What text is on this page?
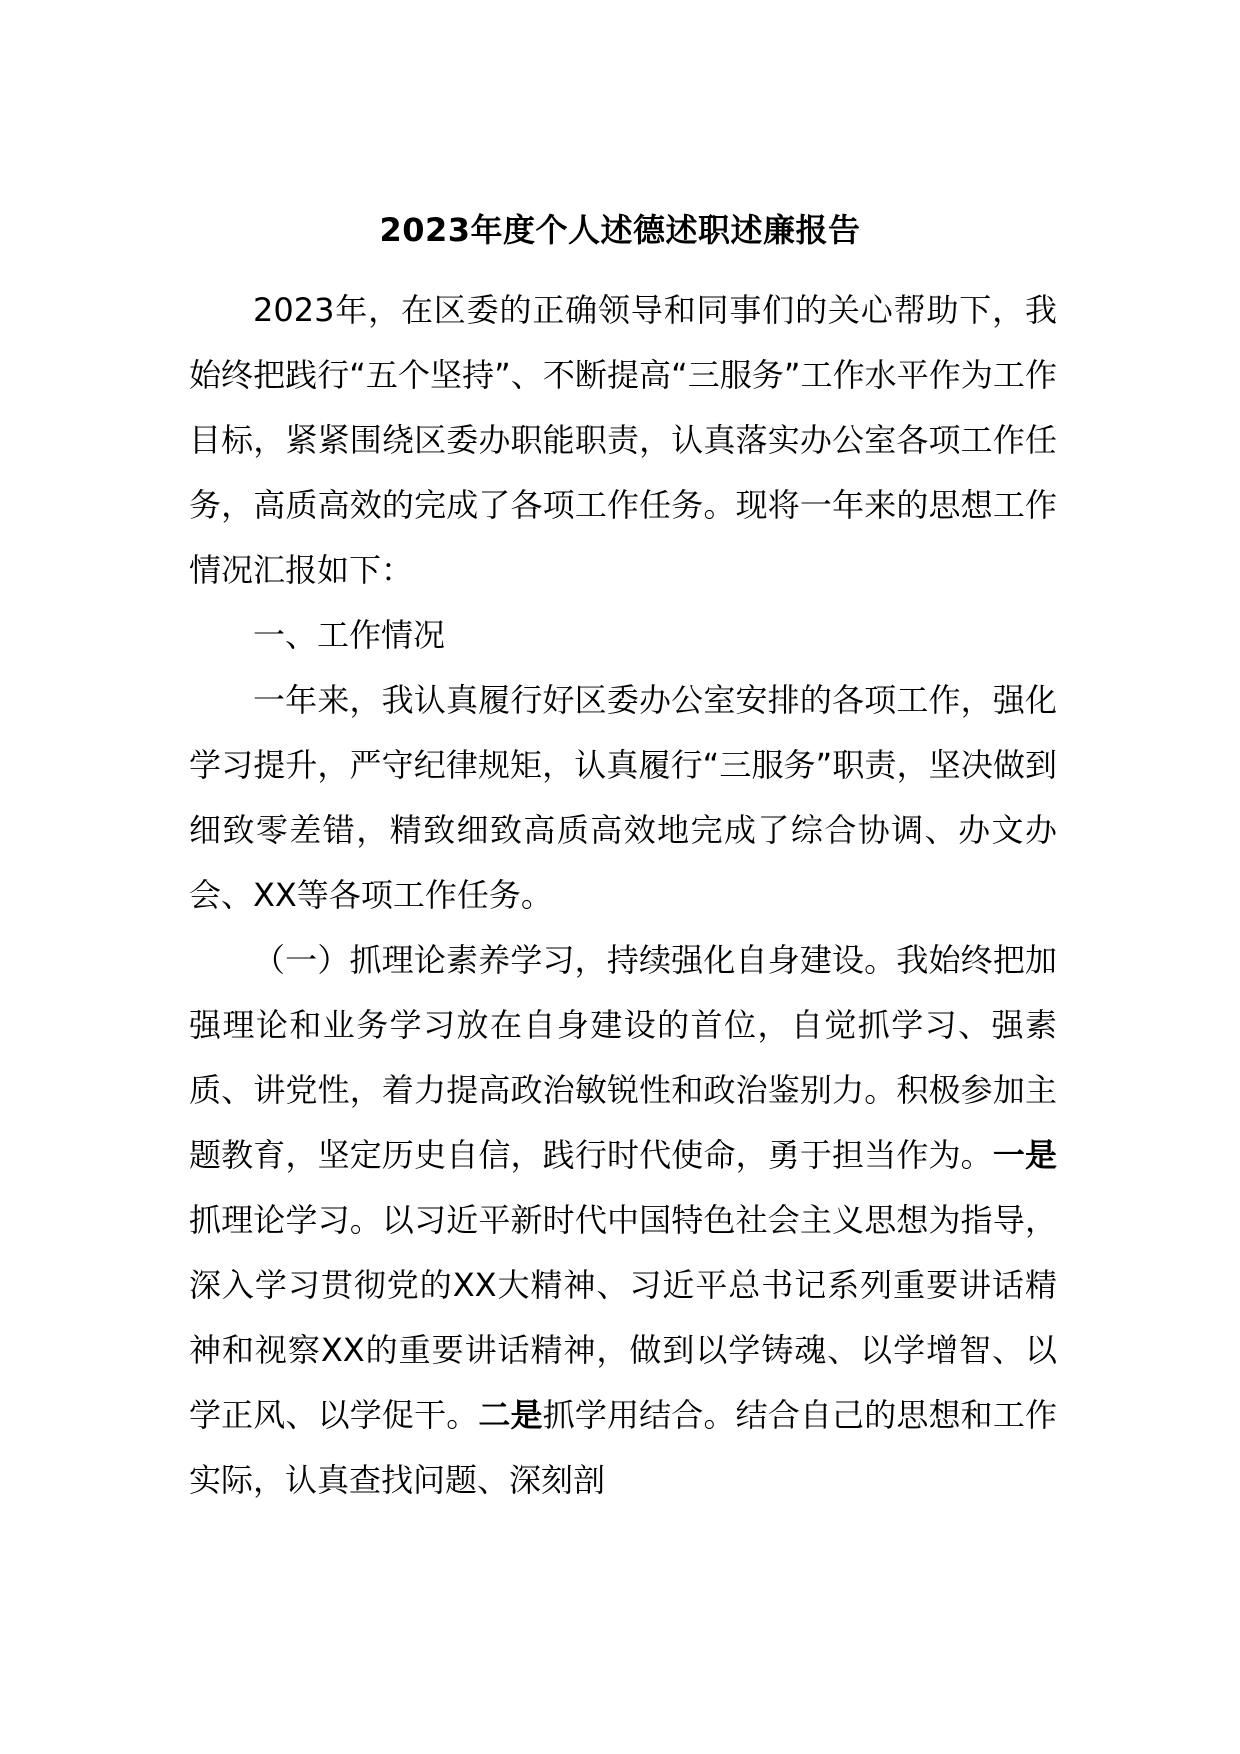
2023年度个人述德述职述廉报告

2023年，在区委的正确领导和同事们的关心帮助下，我始终把践行“五个坚持”、不断提高“三服务”工作水平作为工作目标，紧紧围绕区委办职能职责，认真落实办公室各项工作任务，高质高效的完成了各项工作任务。现将一年来的思想工作情况汇报如下：

一、工作情况

一年来，我认真履行好区委办公室安排的各项工作，强化学习提升，严守纪律规矩，认真履行“三服务”职责，坚决做到细致零差错，精致细致高质高效地完成了综合协调、办文办会、XX等各项工作任务。

（一）抓理论素养学习，持续强化自身建设。我始终把加强理论和业务学习放在自身建设的首位，自觉抓学习、强素质、讲党性，着力提高政治敏锐性和政治鉴别力。积极参加主题教育，坚定历史自信，践行时代使命，勇于担当作为。一是抓理论学习。以习近平新时代中国特色社会主义思想为指导，深入学习贯彻党的XX大精神、习近平总书记系列重要讲话精神和视察XX的重要讲话精神，做到以学铸魂、以学增智、以学正风、以学促干。二是抓学用结合。结合自己的思想和工作实际，认真查找问题、深刻剖
